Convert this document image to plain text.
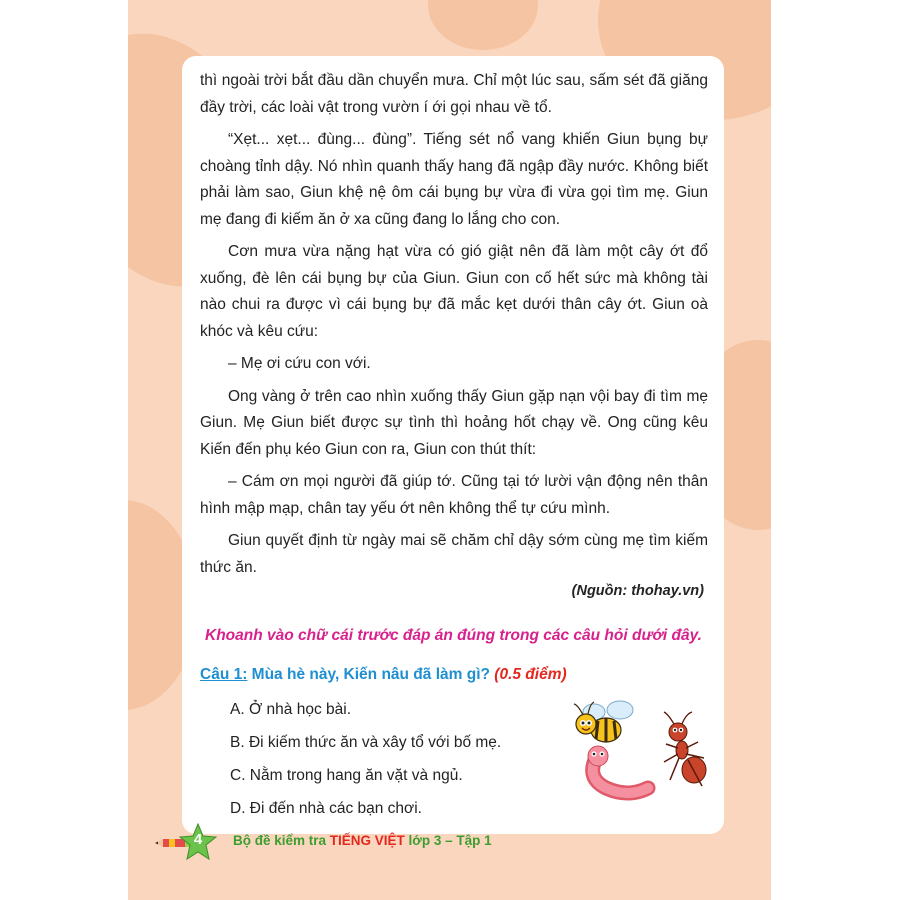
thì ngoài trời bắt đầu dần chuyển mưa. Chỉ một lúc sau, sấm sét đã giăng đầy trời, các loài vật trong vườn í ới gọi nhau về tổ.

“Xẹt... xẹt... đùng... đùng”. Tiếng sét nổ vang khiến Giun bụng bự choàng tỉnh dậy. Nó nhìn quanh thấy hang đã ngập đầy nước. Không biết phải làm sao, Giun khệ nệ ôm cái bụng bự vừa đi vừa gọi tìm mẹ. Giun mẹ đang đi kiếm ăn ở xa cũng đang lo lắng cho con.

Cơn mưa vừa nặng hạt vừa có gió giật nên đã làm một cây ớt đổ xuống, đè lên cái bụng bự của Giun. Giun con cố hết sức mà không tài nào chui ra được vì cái bụng bự đã mắc kẹt dưới thân cây ớt. Giun oà khóc và kêu cứu:

– Mẹ ơi cứu con với.

Ong vàng ở trên cao nhìn xuống thấy Giun gặp nạn vội bay đi tìm mẹ Giun. Mẹ Giun biết được sự tình thì hoảng hốt chạy về. Ong cũng kêu Kiến đến phụ kéo Giun con ra, Giun con thút thít:

– Cám ơn mọi người đã giúp tớ. Cũng tại tớ lười vận động nên thân hình mập mạp, chân tay yếu ớt nên không thể tự cứu mình.

Giun quyết định từ ngày mai sẽ chăm chỉ dậy sớm cùng mẹ tìm kiếm thức ăn.

(Nguồn: thohay.vn)
Khoanh vào chữ cái trước đáp án đúng trong các câu hỏi dưới đây.
Câu 1: Mùa hè này, Kiến nâu đã làm gì? (0.5 điểm)
A. Ở nhà học bài.
B. Đi kiếm thức ăn và xây tổ với bố mẹ.
C. Nằm trong hang ăn vặt và ngủ.
D. Đi đến nhà các bạn chơi.
4	Bộ đề kiểm tra TIẾNG VIỆT lớp 3 – Tập 1
